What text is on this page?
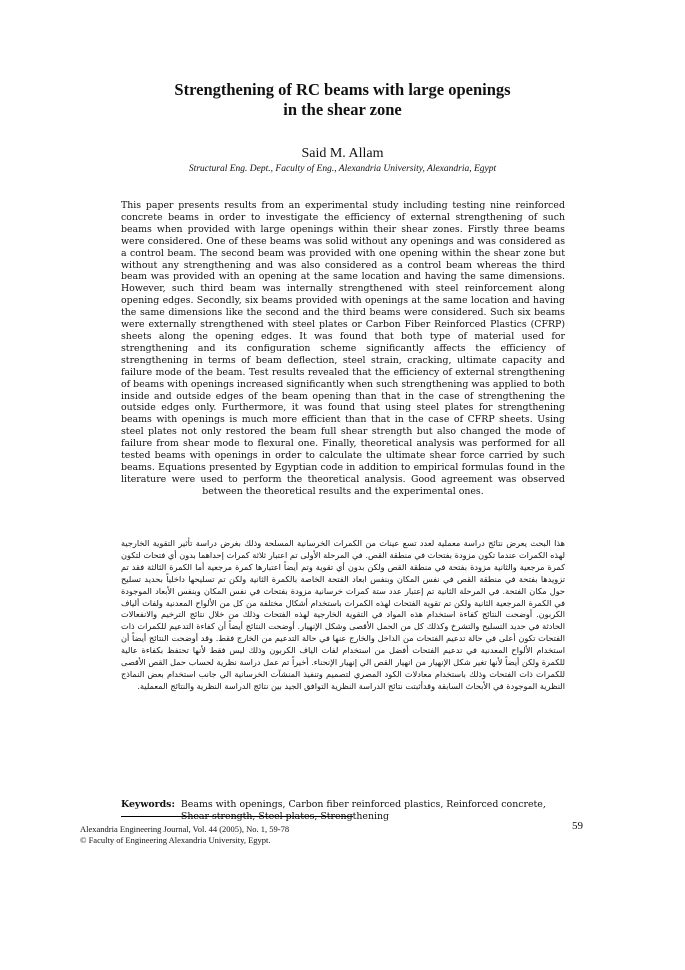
Strengthening of RC beams with large openings
in the shear zone
Said M. Allam
Structural Eng. Dept., Faculty of Eng., Alexandria University, Alexandria, Egypt

This paper presents results from an experimental study including testing nine reinforced concrete beams in order to investigate the efficiency of external strengthening of such beams when provided with large openings within their shear zones. Firstly three beams were considered. One of these beams was solid without any openings and was considered as a control beam. The second beam was provided with one opening within the shear zone but without any strengthening and was also considered as a control beam whereas the third beam was provided with an opening at the same location and having the same dimensions. However, such third beam was internally strengthened with steel reinforcement along opening edges. Secondly, six beams provided with openings at the same location and having the same dimensions like the second and the third beams were considered. Such six beams were externally strengthened with steel plates or Carbon Fiber Reinforced Plastics (CFRP) sheets along the opening edges. It was found that both type of material used for strengthening and its configuration scheme significantly affects the efficiency of strengthening in terms of beam deflection, steel strain, cracking, ultimate capacity and failure mode of the beam. Test results revealed that the efficiency of external strengthening of beams with openings increased significantly when such strengthening was applied to both inside and outside edges of the beam opening than that in the case of strengthening the outside edges only. Furthermore, it was found that using steel plates for strengthening beams with openings is much more efficient than that in the case of CFRP sheets. Using steel plates not only restored the beam full shear strength but also changed the mode of failure from shear mode to flexural one. Finally, theoretical analysis was performed for all tested beams with openings in order to calculate the ultimate shear force carried by such beams. Equations presented by Egyptian code in addition to empirical formulas found in the literature were used to perform the theoretical analysis. Good agreement was observed between the theoretical results and the experimental ones.

هذا البحث يعرض نتائج دراسة معملية لعدد تسع عينات من الكمرات الخرسانية المسلحة وذلك بغرض دراسة تأثير التقوية الخارجية لهذه الكمرات عندما تكون مزودة بفتحات في منطقة القص. في المرحلة الأولى تم اعتبار ثلاثة كمرات إحداهما بدون أي فتحات لتكون كمرة مرجعية والثانية مزودة بفتحة في منطقة القص ولكن بدون أي تقوية وتم أيضاً اعتبارها كمرة مرجعية أما الكمرة الثالثة فقد تم تزويدها بفتحة في منطقة القص في نفس المكان وبنفس ابعاد الفتحة الخاصة بالكمرة الثانية ولكن تم تسليحها داخلياً بحديد تسليح حول مكان الفتحة. في المرحلة الثانية تم إعتبار عدد ستة كمرات خرسانية مزودة بفتحات في نفس المكان وبنفس الأبعاد الموجودة في الكمرة المرجعية الثانية ولكن تم تقوية الفتحات لهذه الكمرات باستخدام أشكال مختلفة من كل من الألواح المعدنية ولفات ألياف الكربون. أوضحت النتائج كفاءة استخدام هذه المواد في التقوية الخارجية لهذه الفتحات وذلك من خلال نتائج الترخيم والانفعالات الحادثة في حديد التسليح والتشرخ وكذلك كل من الحمل الأقصى وشكل الإنهيار. أوضحت النتائج أيضاً أن كفاءة التدعيم للكمرات ذات الفتحات تكون أعلى في حالة تدعيم الفتحات من الداخل والخارج عنها في حالة التدعيم من الخارج فقط. وقد أوضحت النتائج أيضاً أن استخدام الألواح المعدنية في تدعيم الفتحات أفضل من استخدام لفات الياف الكربون وذلك ليس فقط لأنها تحتفظ بكفاءة عالية للكمرة ولكن أيضاً لأنها تغير شكل الإنهيار من انهيار القص الي إنهيار الإنحناء. أخيراً تم عمل دراسة نظرية لحساب حمل القص الأقصى للكمرات ذات الفتحات وذلك باستخدام معادلات الكود المصري لتصميم وتنفيذ المنشآت الخرسانية الي جانب استخدام بعض النماذج النظرية الموجودة في الأبحاث السابقة وقدأثبتت نتائج الدراسة النظرية التوافق الجيد بين نتائج الدراسة النظرية والنتائج المعملية.

Keywords: Beams with openings, Carbon fiber reinforced plastics, Reinforced concrete, Shear strength, Steel plates, Strengthening
Alexandria Engineering Journal, Vol. 44 (2005), No. 1, 59-78
© Faculty of Engineering Alexandria University, Egypt.
59
